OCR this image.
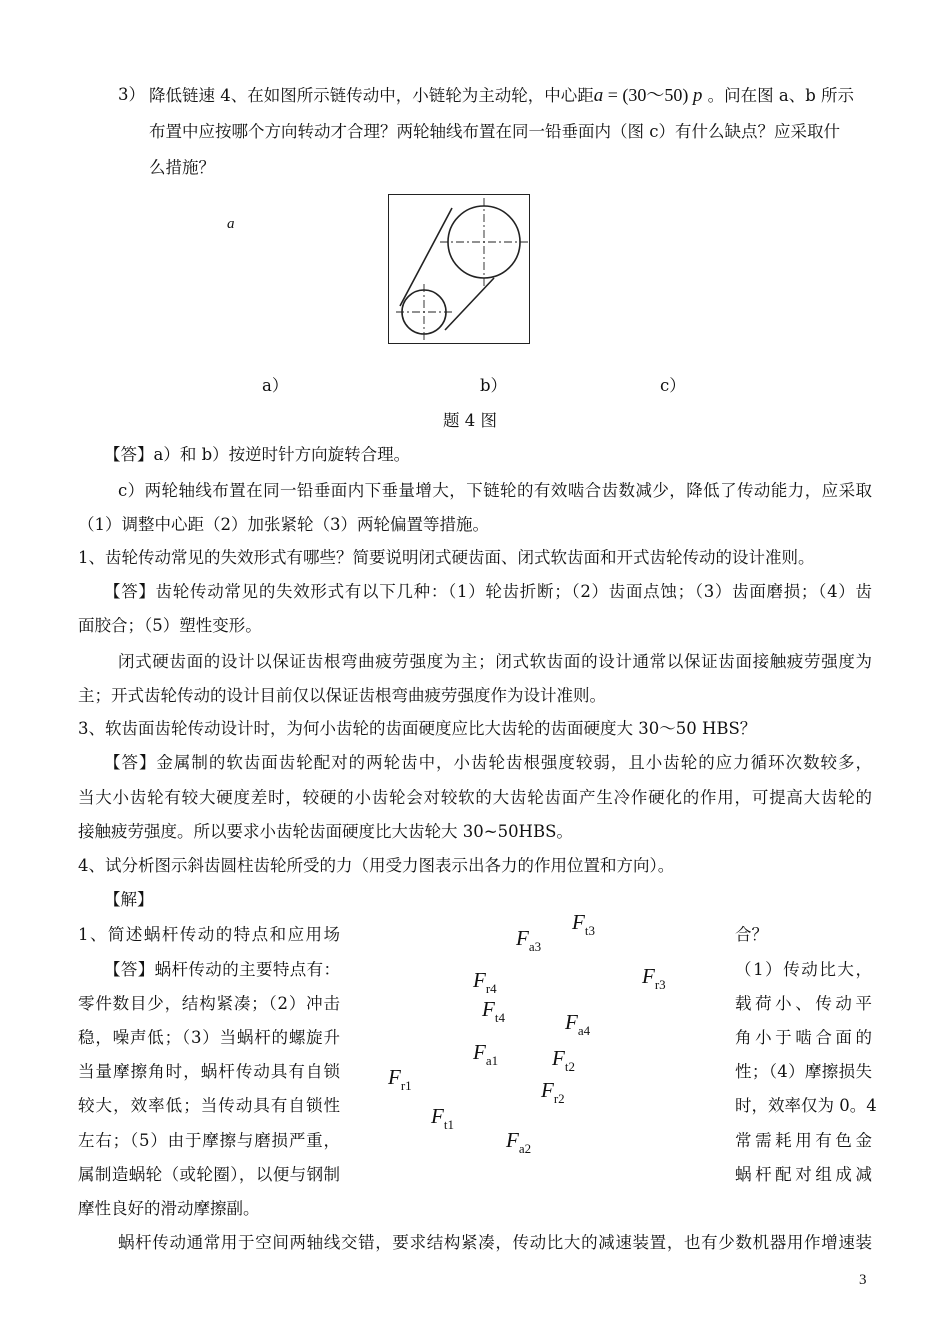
3） 降低链速 4、在如图所示链传动中，小链轮为主动轮，中心距a = (30～50) p 。问在图 a、b 所示
布置中应按哪个方向转动才合理？两轮轴线布置在同一铅垂面内（图 c）有什么缺点？应采取什
么措施？
a
a）	b）	c）
题 4 图
【答】a）和 b）按逆时针方向旋转合理。
c）两轮轴线布置在同一铅垂面内下垂量增大，下链轮的有效啮合齿数减少，降低了传动能力，应采取
（1）调整中心距（2）加张紧轮（3）两轮偏置等措施。
1、齿轮传动常见的失效形式有哪些？简要说明闭式硬齿面、闭式软齿面和开式齿轮传动的设计准则。
【答】齿轮传动常见的失效形式有以下几种：（1）轮齿折断；（2）齿面点蚀；（3）齿面磨损；（4）齿
面胶合；（5）塑性变形。
闭式硬齿面的设计以保证齿根弯曲疲劳强度为主；闭式软齿面的设计通常以保证齿面接触疲劳强度为
主；开式齿轮传动的设计目前仅以保证齿根弯曲疲劳强度作为设计准则。
3、软齿面齿轮传动设计时，为何小齿轮的齿面硬度应比大齿轮的齿面硬度大 30～50 HBS？
【答】金属制的软齿面齿轮配对的两轮齿中，小齿轮齿根强度较弱，且小齿轮的应力循环次数较多，
当大小齿轮有较大硬度差时，较硬的小齿轮会对较软的大齿轮齿面产生冷作硬化的作用，可提高大齿轮的
接触疲劳强度。所以要求小齿轮齿面硬度比大齿轮大 30~50HBS。
4、试分析图示斜齿圆柱齿轮所受的力（用受力图表示出各力的作用位置和方向）。
【解】
1、简述蜗杆传动的特点和应用场
【答】蜗杆传动的主要特点有：
零件数目少，结构紧凑；（2）冲击
稳，噪声低；（3）当蜗杆的螺旋升
当量摩擦角时，蜗杆传动具有自锁
较大，效率低；当传动具有自锁性
左右；（5）由于摩擦与磨损严重，
属制造蜗轮（或轮圈），以便与钢制
摩性良好的滑动摩擦副。
合？
（1）传动比大，
载荷小、传动平
角小于啮合面的
性；（4）摩擦损失
时，效率仅为 0。4
常需耗用有色金
蜗杆配对组成减
$F_{t3}$
$F_{a3}$
$F_{r3}$
$F_{r4}$
$F_{t4}$	$F_{a4}$
$F_{a1}$	$F_{t2}$
$F_{r1}$	$F_{r2}$
$F_{t1}$
$F_{a2}$
蜗杆传动通常用于空间两轴线交错，要求结构紧凑，传动比大的减速装置，也有少数机器用作增速装
3
